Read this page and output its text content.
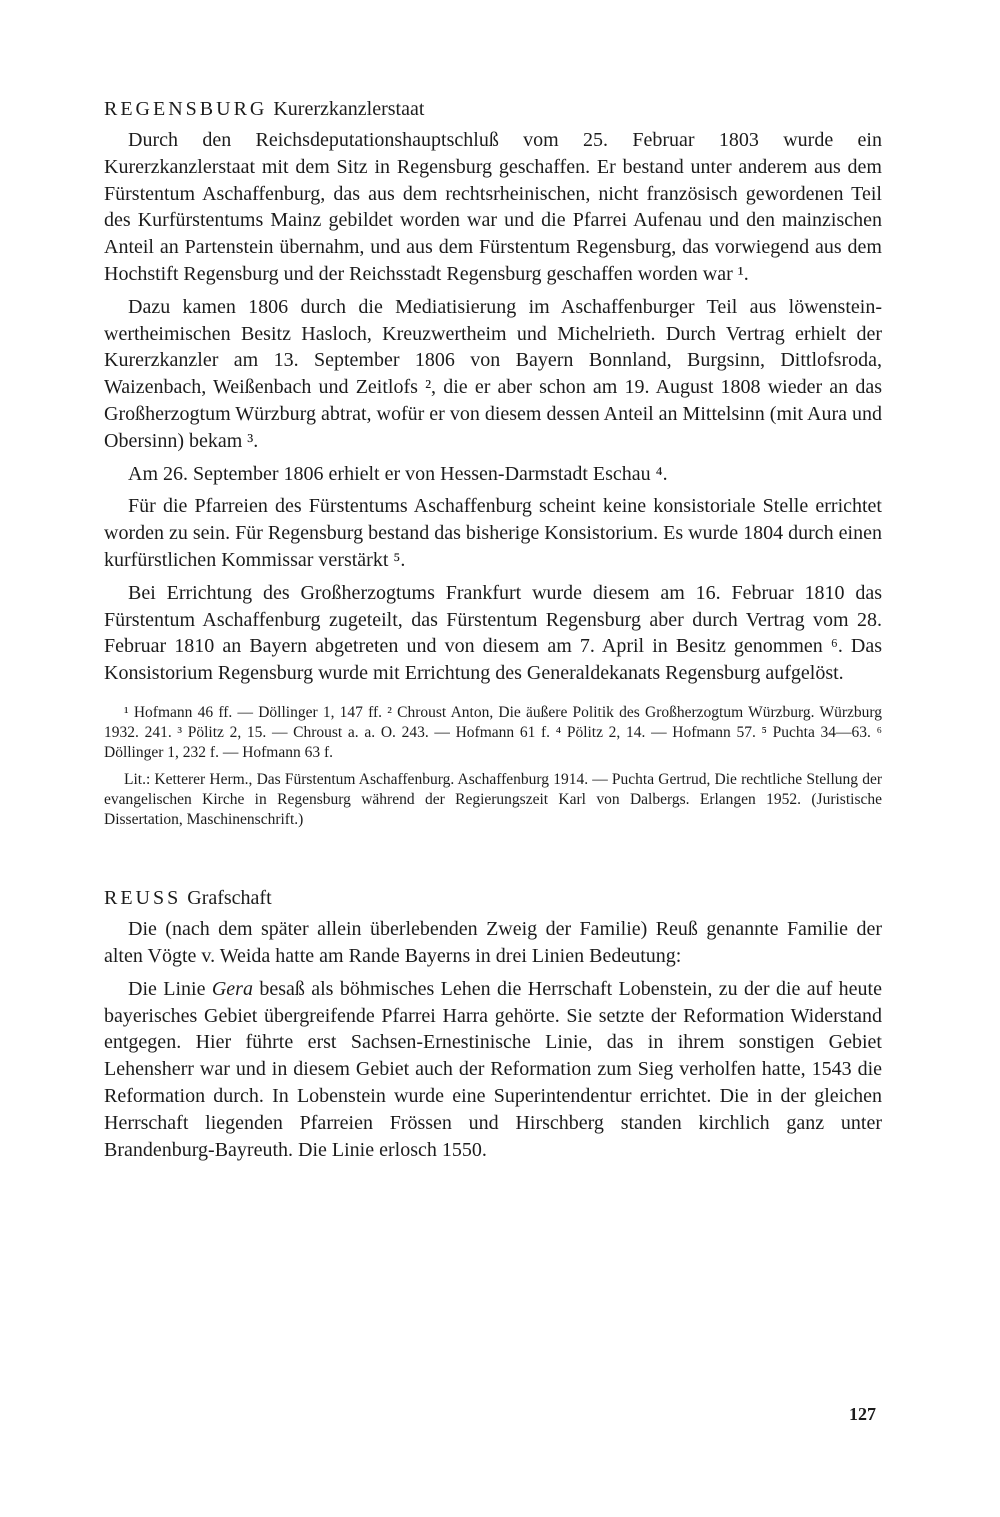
REGENSBURG Kurerzkanzlerstaat

Durch den Reichsdeputationshauptschluß vom 25. Februar 1803 wurde ein Kurerzkanzlerstaat mit dem Sitz in Regensburg geschaffen. Er bestand unter anderem aus dem Fürstentum Aschaffenburg, das aus dem rechtsrheinischen, nicht französisch gewordenen Teil des Kurfürstentums Mainz gebildet worden war und die Pfarrei Aufenau und den mainzischen Anteil an Partenstein übernahm, und aus dem Fürstentum Regensburg, das vorwiegend aus dem Hochstift Regensburg und der Reichsstadt Regensburg geschaffen worden war ¹.

Dazu kamen 1806 durch die Mediatisierung im Aschaffenburger Teil aus löwenstein-wertheimischen Besitz Hasloch, Kreuzwertheim und Michelrieth. Durch Vertrag erhielt der Kurerzkanzler am 13. September 1806 von Bayern Bonnland, Burgsinn, Dittlofsroda, Waizenbach, Weißenbach und Zeitlofs ², die er aber schon am 19. August 1808 wieder an das Großherzogtum Würzburg abtrat, wofür er von diesem dessen Anteil an Mittelsinn (mit Aura und Obersinn) bekam ³.

Am 26. September 1806 erhielt er von Hessen-Darmstadt Eschau ⁴.

Für die Pfarreien des Fürstentums Aschaffenburg scheint keine konsistoriale Stelle errichtet worden zu sein. Für Regensburg bestand das bisherige Konsistorium. Es wurde 1804 durch einen kurfürstlichen Kommissar verstärkt ⁵.

Bei Errichtung des Großherzogtums Frankfurt wurde diesem am 16. Februar 1810 das Fürstentum Aschaffenburg zugeteilt, das Fürstentum Regensburg aber durch Vertrag vom 28. Februar 1810 an Bayern abgetreten und von diesem am 7. April in Besitz genommen ⁶. Das Konsistorium Regensburg wurde mit Errichtung des Generaldekanats Regensburg aufgelöst.

¹ Hofmann 46 ff. — Döllinger 1, 147 ff. ² Chroust Anton, Die äußere Politik des Großherzogtum Würzburg. Würzburg 1932. 241. ³ Pölitz 2, 15. — Chroust a. a. O. 243. — Hofmann 61 f. ⁴ Pölitz 2, 14. — Hofmann 57. ⁵ Puchta 34—63. ⁶ Döllinger 1, 232 f. — Hofmann 63 f.

Lit.: Ketterer Herm., Das Fürstentum Aschaffenburg. Aschaffenburg 1914. — Puchta Gertrud, Die rechtliche Stellung der evangelischen Kirche in Regensburg während der Regierungszeit Karl von Dalbergs. Erlangen 1952. (Juristische Dissertation, Maschinenschrift.)

REUSS Grafschaft

Die (nach dem später allein überlebenden Zweig der Familie) Reuß genannte Familie der alten Vögte v. Weida hatte am Rande Bayerns in drei Linien Bedeutung:

Die Linie Gera besaß als böhmisches Lehen die Herrschaft Lobenstein, zu der die auf heute bayerisches Gebiet übergreifende Pfarrei Harra gehörte. Sie setzte der Reformation Widerstand entgegen. Hier führte erst Sachsen-Ernestinische Linie, das in ihrem sonstigen Gebiet Lehensherr war und in diesem Gebiet auch der Reformation zum Sieg verholfen hatte, 1543 die Reformation durch. In Lobenstein wurde eine Superintendentur errichtet. Die in der gleichen Herrschaft liegenden Pfarreien Frössen und Hirschberg standen kirchlich ganz unter Brandenburg-Bayreuth. Die Linie erlosch 1550.

127
